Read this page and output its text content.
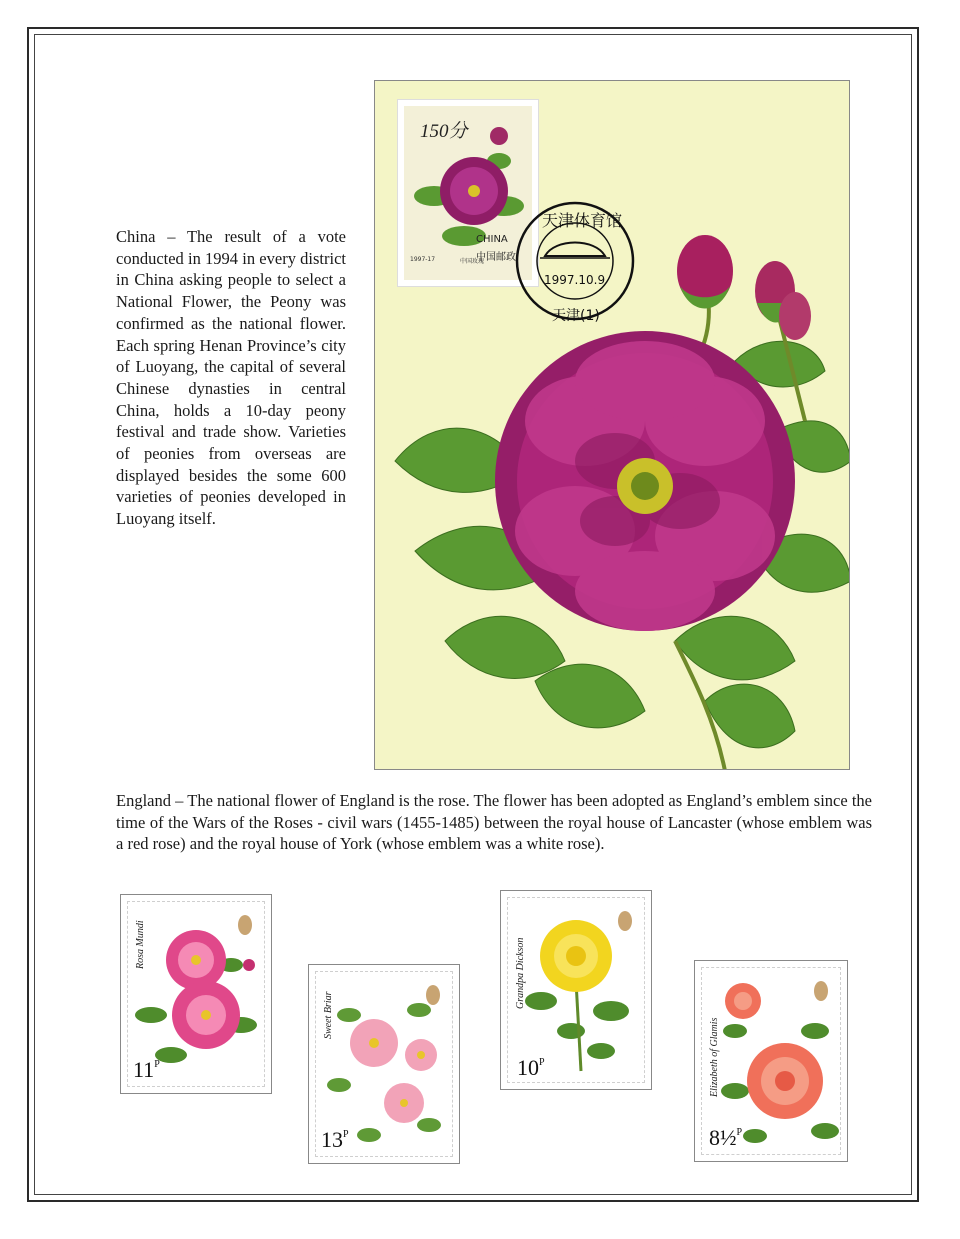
China – The result of a vote conducted in 1994 in every district in China asking people to select a National Flower, the Peony was confirmed as the national flower. Each spring Henan Province’s city of Luoyang, the capital of several Chinese dynasties in central China, holds a 10-day peony festival and trade show. Varieties of peonies from overseas are displayed besides the some 600 varieties of peonies developed in Luoyang itself.

150分
1997-17	中国玫瑰
CHINA
中国邮政
天津体育馆
1997.10.9
天津(1)

England – The national flower of England is the rose. The flower has been adopted as England’s emblem since the time of the Wars of the Roses - civil wars (1455-1485) between the royal house of Lancaster (whose emblem was a red rose) and the royal house of York (whose emblem was a white rose).

Rosa Mundi
$11^P$
Sweet Briar
$13^P$
Grandpa Dickson
$10^P$	Elizabeth of Glamis
8½$^P$
